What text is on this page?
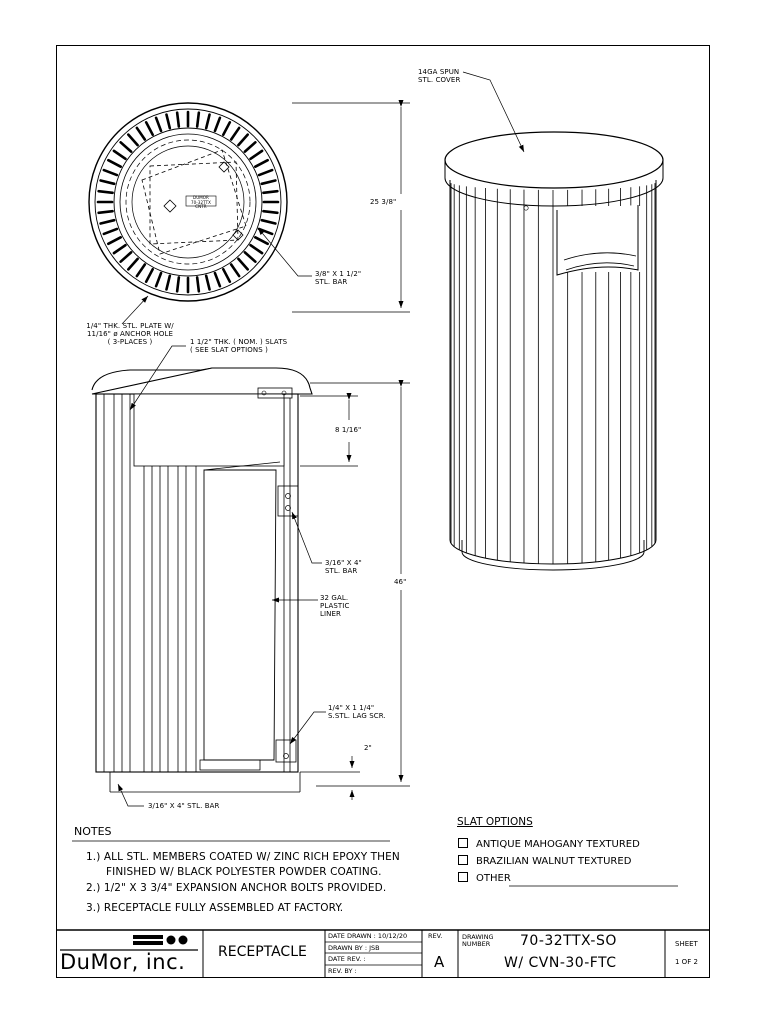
14GA SPUN
STL. COVER
25 3/8"
3/8" X 1 1/2"
STL. BAR
1/4" THK. STL. PLATE W/
11/16" ø ANCHOR HOLE
( 3-PLACES )	1 1/2" THK. ( NOM. ) SLATS
( SEE SLAT OPTIONS )
8 1/16"
3/16" X 4"
STL. BAR
46"
32 GAL.
PLASTIC
LINER
1/4" X 1 1/4"
S.STL. LAG SCR.
2"
3/16" X 4" STL. BAR
DUMOR
70-32TTX
CNTR
NOTES
1.) ALL STL. MEMBERS COATED W/ ZINC RICH EPOXY THEN
FINISHED W/ BLACK POLYESTER POWDER COATING.
2.) 1/2" X 3 3/4" EXPANSION ANCHOR BOLTS PROVIDED.
3.) RECEPTACLE FULLY ASSEMBLED AT FACTORY.
SLAT OPTIONS
ANTIQUE MAHOGANY TEXTURED
BRAZILIAN WALNUT TEXTURED
OTHER
DuMor, inc. RECEPTACLE
DATE DRAWN : 10/12/20
DRAWN BY : JSB
DATE REV. :
REV. BY :
REV.
A
DRAWING
NUMBER 70-32TTX-SO
W/ CVN-30-FTC
SHEET
1 OF 2
